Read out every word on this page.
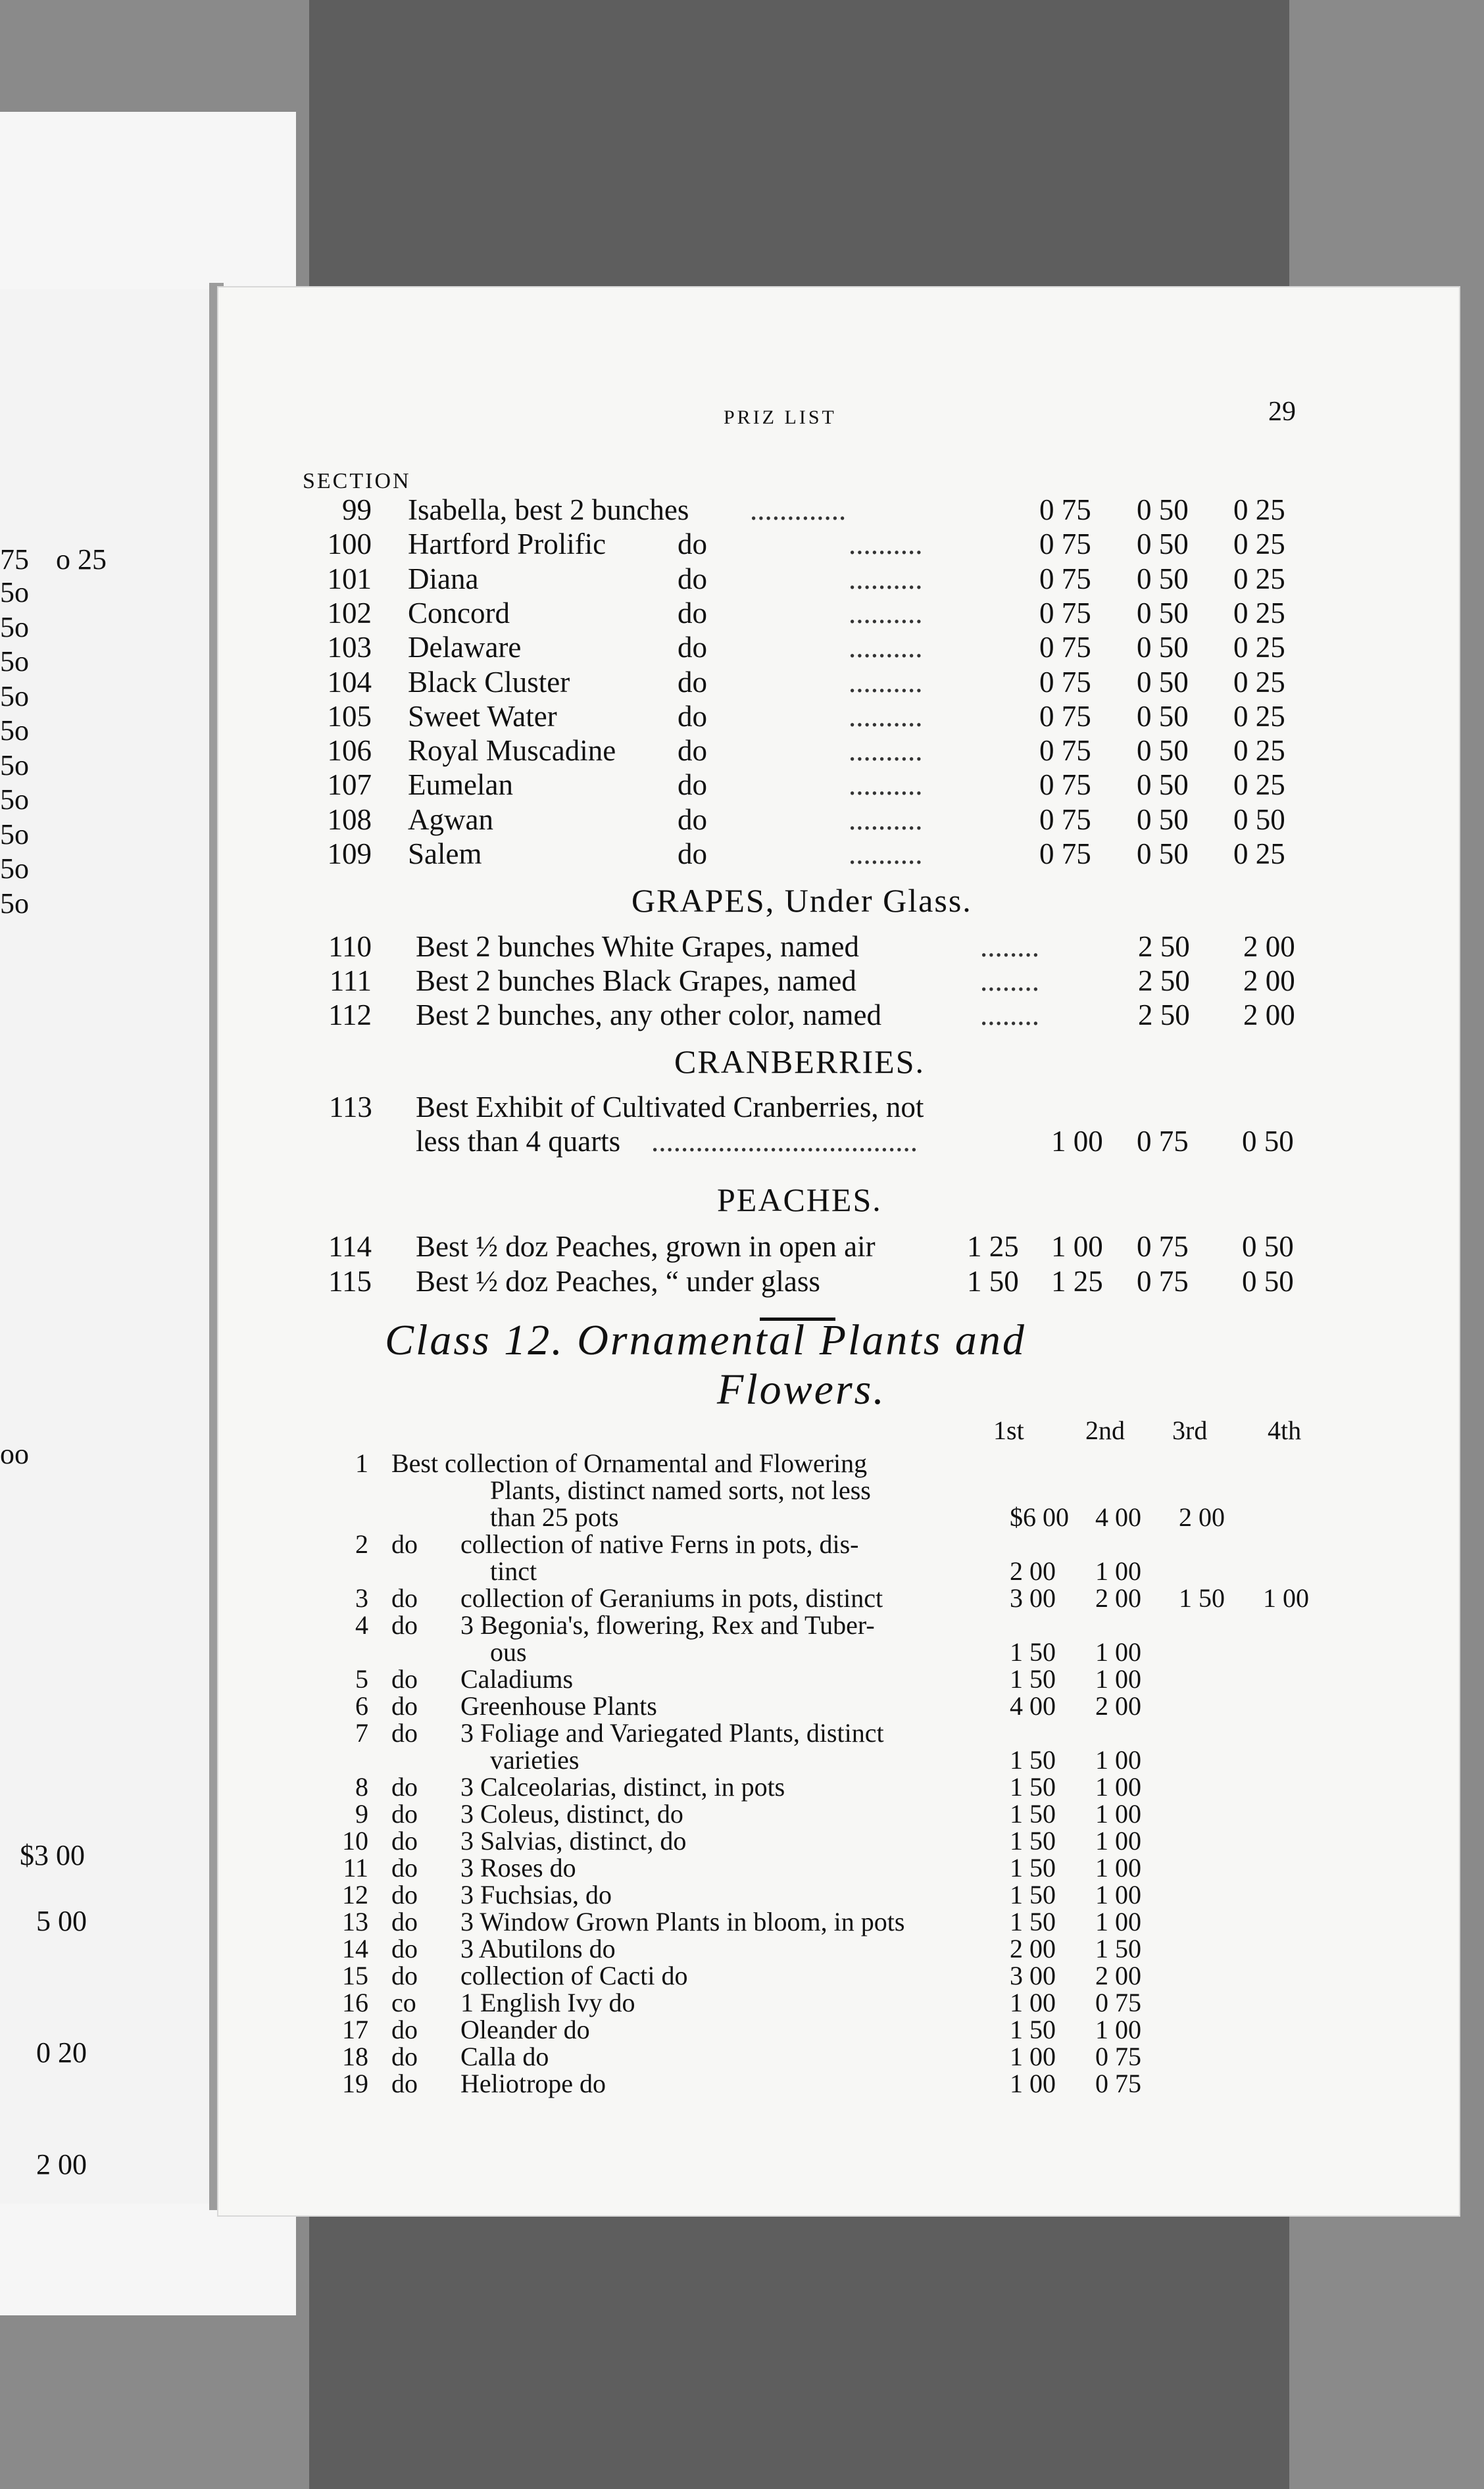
75 o 25
5o
5o
5o
5o
5o
5o
5o
5o
5o
5o
oo
$3 00
5 00
0 20
2 00
PRIZ LIST	29
SECTION
99 Isabella, best 2 bunches .............	0 75 0 50 0 25
100 Hartford Prolific do	..........	0 75 0 50 0 25
101 Diana	do	..........	0 75 0 50 0 25
102 Concord	do	..........	0 75 0 50 0 25
103 Delaware	do	..........	0 75 0 50 0 25
104 Black Cluster	do	..........	0 75 0 50 0 25
105 Sweet Water	do	..........	0 75 0 50 0 25
106 Royal Muscadine do	..........	0 75 0 50 0 25
107 Eumelan	do	..........	0 75 0 50 0 25
108 Agwan	do	..........	0 75 0 50 0 50
109 Salem	do	..........	0 75 0 50 0 25
GRAPES, Under Glass.
110 Best 2 bunches White Grapes, named	........	2 50 2 00
111 Best 2 bunches Black Grapes, named	........	2 50 2 00
112 Best 2 bunches, any other color, named	........	2 50 2 00
CRANBERRIES.
113 Best Exhibit of Cultivated Cranberries, not
less than 4 quarts ....................................	1 00 0 75 0 50
PEACHES.
114 Best ½ doz Peaches, grown in open air	1 25 1 00 0 75 0 50
115 Best ½ doz Peaches, “ under glass	1 50 1 25 0 75 0 50
Class 12. Ornamental Plants and
Flowers.
1st 2nd 3rd 4th
1 Best collection of Ornamental and Flowering
Plants, distinct named sorts, not less
than 25 pots	$6 00 4 00 2 00
2 do collection of native Ferns in pots, dis-
tinct	2 00 1 00
3 do collection of Geraniums in pots, distinct	3 00 2 00 1 50 1 00
4 do 3 Begonia's, flowering, Rex and Tuber-
ous	1 50 1 00
5 do Caladiums	1 50 1 00
6 do Greenhouse Plants	4 00 2 00
7 do 3 Foliage and Variegated Plants, distinct
varieties	1 50 1 00
8 do 3 Calceolarias, distinct, in pots	1 50 1 00
9 do 3 Coleus, distinct, do	1 50 1 00
10 do 3 Salvias, distinct, do	1 50 1 00
11 do 3 Roses do	1 50 1 00
12 do 3 Fuchsias, do	1 50 1 00
13 do 3 Window Grown Plants in bloom, in pots	1 50 1 00
14 do 3 Abutilons do	2 00 1 50
15 do collection of Cacti do	3 00 2 00
16 co 1 English Ivy do	1 00 0 75
17 do Oleander do	1 50 1 00
18 do Calla do	1 00 0 75
19 do Heliotrope do	1 00 0 75
